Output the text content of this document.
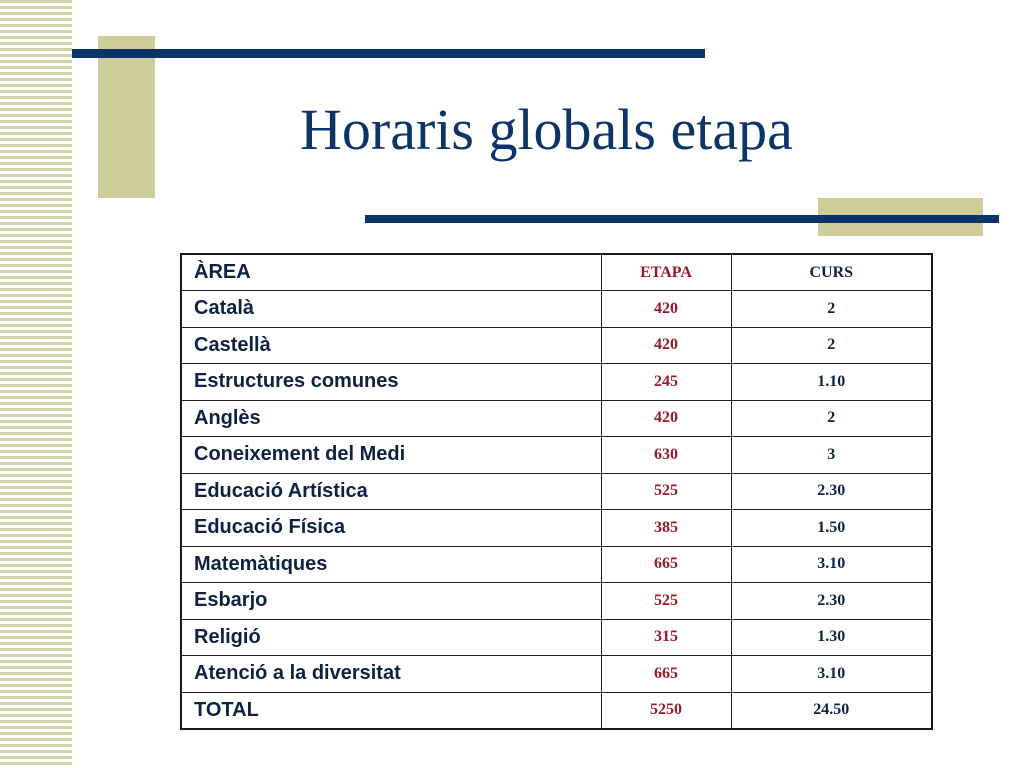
Horaris globals etapa
ÀREA	ETAPA	CURS
Català	420	2
Castellà	420	2
Estructures comunes	245	1.10
Anglès	420	2
Coneixement del Medi	630	3
Educació Artística	525	2.30
Educació Física	385	1.50
Matemàtiques	665	3.10
Esbarjo	525	2.30
Religió	315	1.30
Atenció a la diversitat	665	3.10
TOTAL	5250	24.50
